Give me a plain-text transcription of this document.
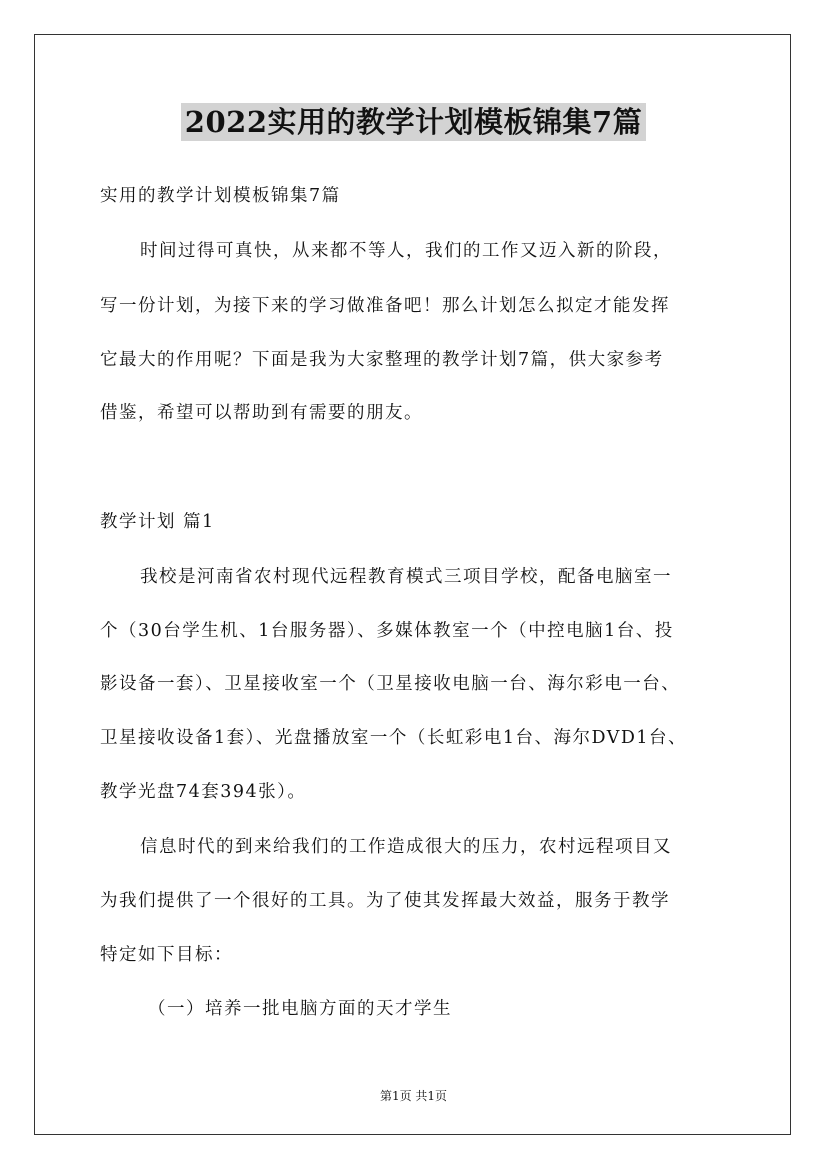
2022实用的教学计划模板锦集7篇
实用的教学计划模板锦集7篇
时间过得可真快，从来都不等人，我们的工作又迈入新的阶段，
写一份计划，为接下来的学习做准备吧！那么计划怎么拟定才能发挥
它最大的作用呢？下面是我为大家整理的教学计划7篇，供大家参考
借鉴，希望可以帮助到有需要的朋友。
教学计划 篇1
我校是河南省农村现代远程教育模式三项目学校，配备电脑室一
个（30台学生机、1台服务器）、多媒体教室一个（中控电脑1台、投
影设备一套）、卫星接收室一个（卫星接收电脑一台、海尔彩电一台、
卫星接收设备1套）、光盘播放室一个（长虹彩电1台、海尔DVD1台、
教学光盘74套394张）。
信息时代的到来给我们的工作造成很大的压力，农村远程项目又
为我们提供了一个很好的工具。为了使其发挥最大效益，服务于教学
特定如下目标：
（一）培养一批电脑方面的天才学生
第1页 共1页
